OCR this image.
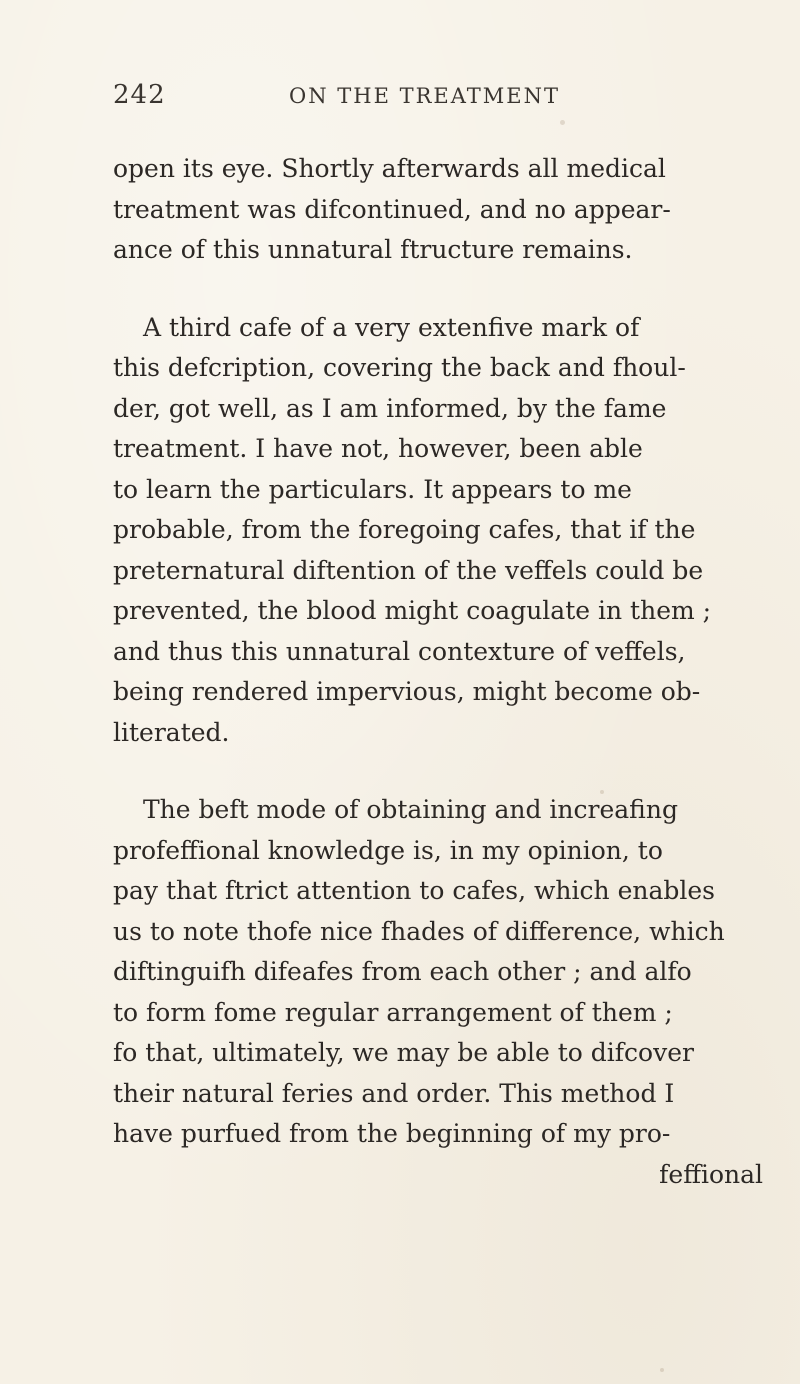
242	ON THE TREATMENT
open its eye. Shortly afterwards all medical
treatment was difcontinued, and no appear-
ance of this unnatural ftructure remains.
A third cafe of a very extenfive mark of
this defcription, covering the back and fhoul-
der, got well, as I am informed, by the fame
treatment. I have not, however, been able
to learn the particulars. It appears to me
probable, from the foregoing cafes, that if the
preternatural diftention of the veffels could be
prevented, the blood might coagulate in them ;
and thus this unnatural contexture of veffels,
being rendered impervious, might become ob-
literated.
The beft mode of obtaining and increafing
profeffional knowledge is, in my opinion, to
pay that ftrict attention to cafes, which enables
us to note thofe nice fhades of difference, which
diftinguifh difeafes from each other ; and alfo
to form fome regular arrangement of them ;
fo that, ultimately, we may be able to difcover
their natural feries and order. This method I
have purfued from the beginning of my pro-
feffional
